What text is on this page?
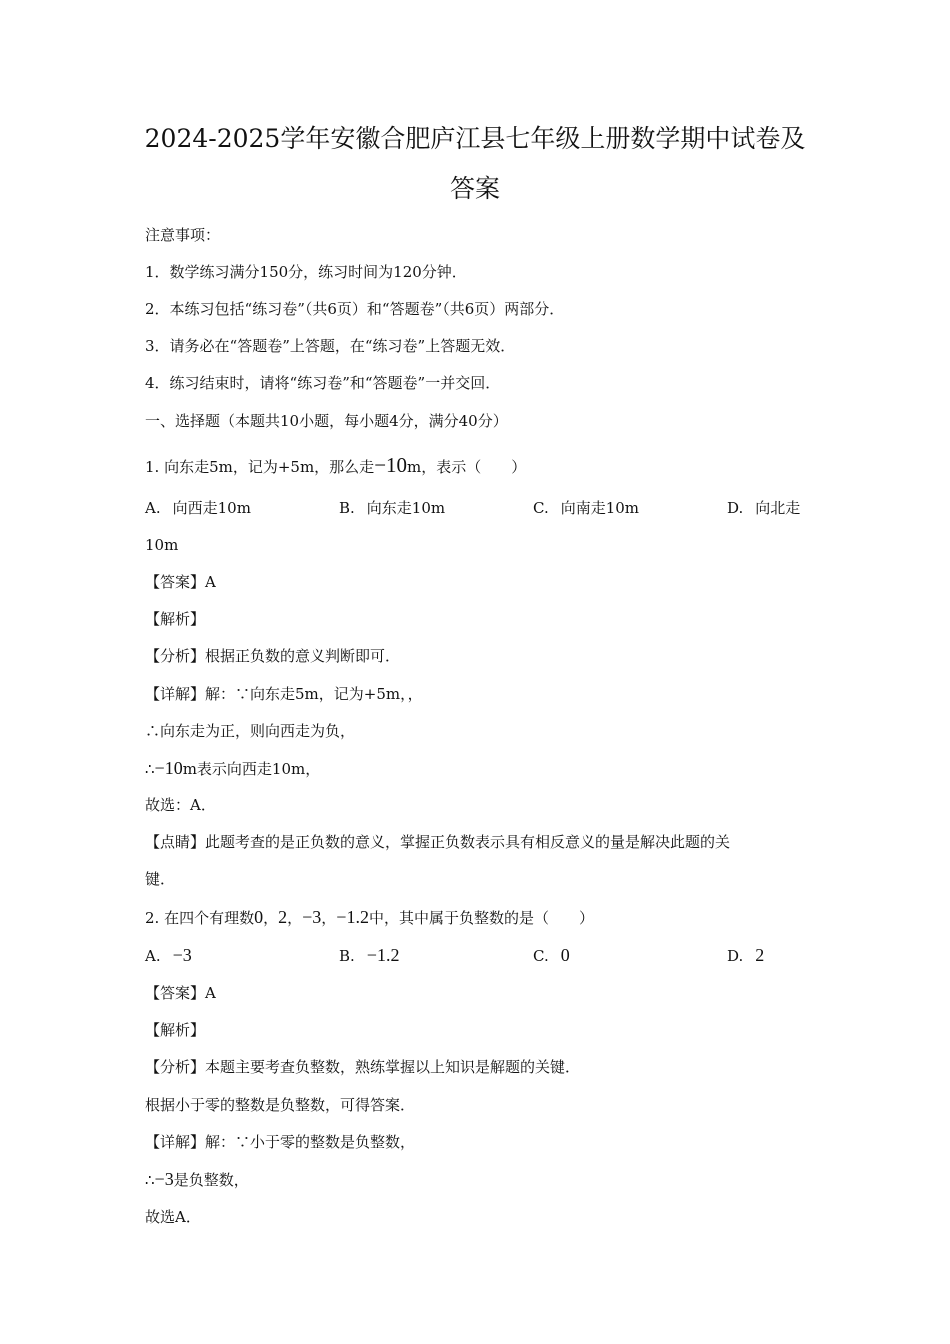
2024-2025学年安徽合肥庐江县七年级上册数学期中试卷及
答案
注意事项：
1．数学练习满分150分，练习时间为120分钟．
2．本练习包括“练习卷”（共6页）和“答题卷”（共6页）两部分．
3．请务必在“答题卷”上答题，在“练习卷”上答题无效．
4．练习结束时，请将“练习卷”和“答题卷”一并交回．
一、选择题（本题共10小题，每小题4分，满分40分）
1. 向东走5m，记为+5m，那么走−10m，表示（　　）
A. 向西走10m	B. 向东走10m	C. 向南走10m	D. 向北走
10m
【答案】A
【解析】
【分析】根据正负数的意义判断即可．
【详解】解：∵向东走5m，记为+5m，，
∴向东走为正，则向西走为负，
∴−10m表示向西走10m，
故选：A．
【点睛】此题考查的是正负数的意义，掌握正负数表示具有相反意义的量是解决此题的关
键．
2. 在四个有理数0，2，−3，−1.2中，其中属于负整数的是（　　）
A. −3	B. −1.2	C. 0	D. 2
【答案】A
【解析】
【分析】本题主要考查负整数，熟练掌握以上知识是解题的关键．
根据小于零的整数是负整数，可得答案．
【详解】解：∵小于零的整数是负整数，
∴−3是负整数，
故选A．
